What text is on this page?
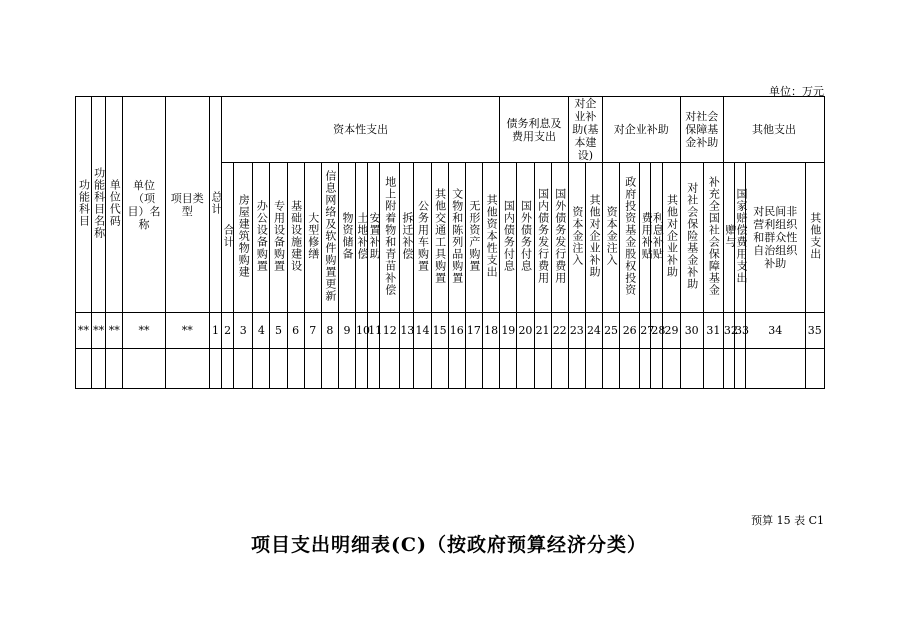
单位：万元
功能科目	功能科目名称	单位代码	单位（项目）名称	项目类型	总计	资本性支出																	债务利息及费用支出				对企业补助(基本建设)		对企业补助					对社会保障基金补助		其他支出			
						合计	房屋建筑物购建	办公设备购置	专用设备购置	基础设施建设	大型修缮	信息网络及软件购置更新	物资储备	土地补偿	安置补助	地上附着物和青苗补偿	拆迁补偿	公务用车购置	其他交通工具购置	文物和陈列品购置	无形资产购置	其他资本性支出	国内债务付息	国外债务付息	国内债务发行费用	国外债务发行费用	资本金注入	其他对企业补助	资本金注入	政府投资基金股权投资	费用补贴	利息补贴	其他对企业补助	对社会保险基金补助	补充全国社会保障基金	赠与	国家赔偿费用支出	对民间非营利组织和群众性自治组织补助	其他支出
**	**	**	**	**	1	2	3	4	5	6	7	8	9	10	11	12	13	14	15	16	17	18	19	20	21	22	23	24	25	26	27	28	29	30	31	32	33	34	35

预算 15 表 C1
项目支出明细表(C)（按政府预算经济分类）
